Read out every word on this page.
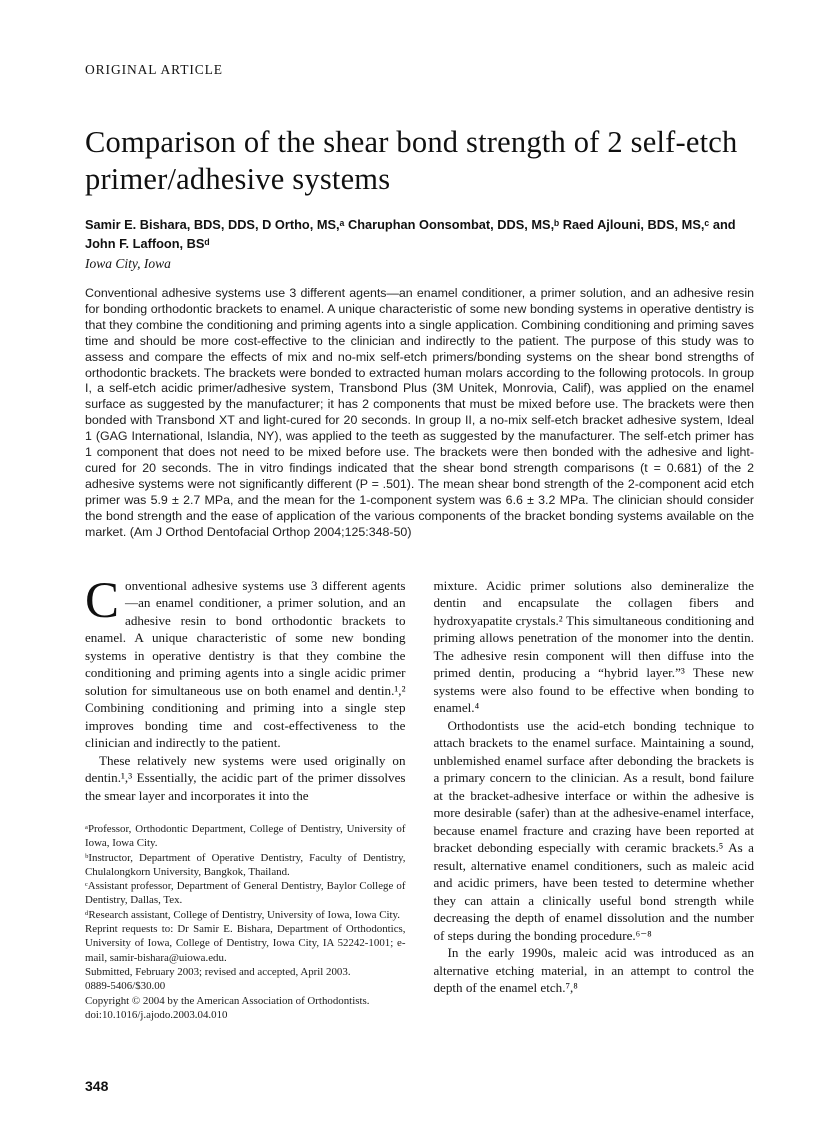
ORIGINAL ARTICLE
Comparison of the shear bond strength of 2 self-etch primer/adhesive systems
Samir E. Bishara, BDS, DDS, D Ortho, MS,ᵃ Charuphan Oonsombat, DDS, MS,ᵇ Raed Ajlouni, BDS, MS,ᶜ and John F. Laffoon, BSᵈ
Iowa City, Iowa

Conventional adhesive systems use 3 different agents—an enamel conditioner, a primer solution, and an adhesive resin for bonding orthodontic brackets to enamel. A unique characteristic of some new bonding systems in operative dentistry is that they combine the conditioning and priming agents into a single application. Combining conditioning and priming saves time and should be more cost-effective to the clinician and indirectly to the patient. The purpose of this study was to assess and compare the effects of mix and no-mix self-etch primers/bonding systems on the shear bond strengths of orthodontic brackets. The brackets were bonded to extracted human molars according to the following protocols. In group I, a self-etch acidic primer/adhesive system, Transbond Plus (3M Unitek, Monrovia, Calif), was applied on the enamel surface as suggested by the manufacturer; it has 2 components that must be mixed before use. The brackets were then bonded with Transbond XT and light-cured for 20 seconds. In group II, a no-mix self-etch bracket adhesive system, Ideal 1 (GAG International, Islandia, NY), was applied to the teeth as suggested by the manufacturer. The self-etch primer has 1 component that does not need to be mixed before use. The brackets were then bonded with the adhesive and light-cured for 20 seconds. The in vitro findings indicated that the shear bond strength comparisons (t = 0.681) of the 2 adhesive systems were not significantly different (P = .501). The mean shear bond strength of the 2-component acid etch primer was 5.9 ± 2.7 MPa, and the mean for the 1-component system was 6.6 ± 3.2 MPa. The clinician should consider the bond strength and the ease of application of the various components of the bracket bonding systems available on the market. (Am J Orthod Dentofacial Orthop 2004;125:348-50)

Conventional adhesive systems use 3 different agents—an enamel conditioner, a primer solution, and an adhesive resin to bond orthodontic brackets to enamel. A unique characteristic of some new bonding systems in operative dentistry is that they combine the conditioning and priming agents into a single acidic primer solution for simultaneous use on both enamel and dentin.¹,² Combining conditioning and priming into a single step improves bonding time and cost-effectiveness to the clinician and indirectly to the patient.

These relatively new systems were used originally on dentin.¹,³ Essentially, the acidic part of the primer dissolves the smear layer and incorporates it into the

ᵃProfessor, Orthodontic Department, College of Dentistry, University of Iowa, Iowa City.

ᵇInstructor, Department of Operative Dentistry, Faculty of Dentistry, Chulalongkorn University, Bangkok, Thailand.

ᶜAssistant professor, Department of General Dentistry, Baylor College of Dentistry, Dallas, Tex.

ᵈResearch assistant, College of Dentistry, University of Iowa, Iowa City.

Reprint requests to: Dr Samir E. Bishara, Department of Orthodontics, University of Iowa, College of Dentistry, Iowa City, IA 52242-1001; e-mail, samir-bishara@uiowa.edu.

Submitted, February 2003; revised and accepted, April 2003.

0889-5406/$30.00

Copyright © 2004 by the American Association of Orthodontists.

doi:10.1016/j.ajodo.2003.04.010

mixture. Acidic primer solutions also demineralize the dentin and encapsulate the collagen fibers and hydroxyapatite crystals.² This simultaneous conditioning and priming allows penetration of the monomer into the dentin. The adhesive resin component will then diffuse into the primed dentin, producing a “hybrid layer.”³ These new systems were also found to be effective when bonding to enamel.⁴

Orthodontists use the acid-etch bonding technique to attach brackets to the enamel surface. Maintaining a sound, unblemished enamel surface after debonding the brackets is a primary concern to the clinician. As a result, bond failure at the bracket-adhesive interface or within the adhesive is more desirable (safer) than at the adhesive-enamel interface, because enamel fracture and crazing have been reported at bracket debonding especially with ceramic brackets.⁵ As a result, alternative enamel conditioners, such as maleic acid and acidic primers, have been tested to determine whether they can attain a clinically useful bond strength while decreasing the depth of enamel dissolution and the number of steps during the bonding procedure.⁶⁻⁸

In the early 1990s, maleic acid was introduced as an alternative etching material, in an attempt to control the depth of the enamel etch.⁷,⁸

348
